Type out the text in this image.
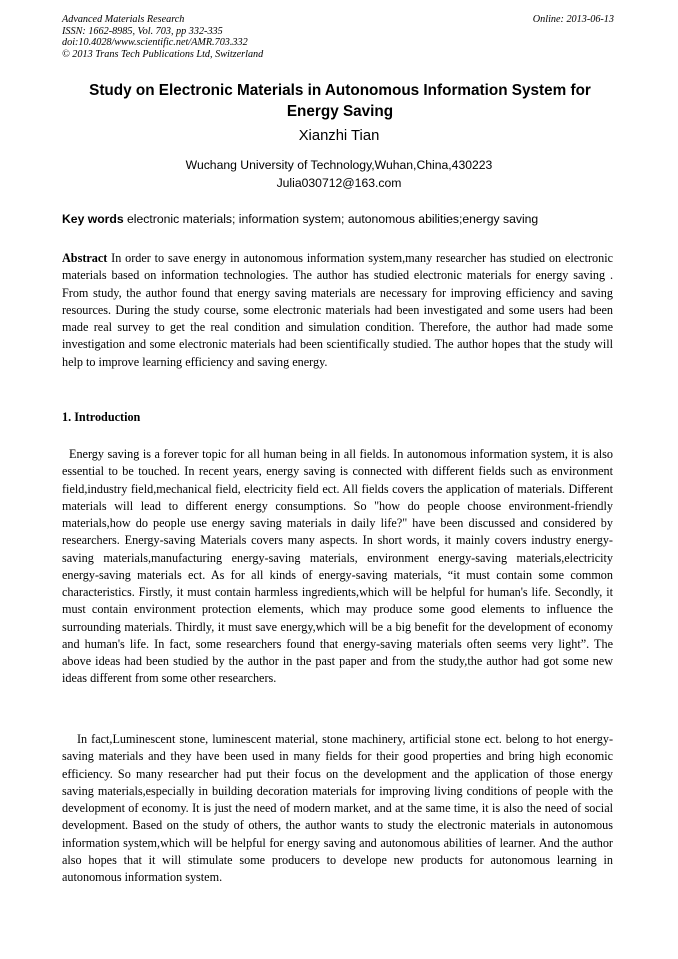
Advanced Materials Research
ISSN: 1662-8985, Vol. 703, pp 332-335
doi:10.4028/www.scientific.net/AMR.703.332
© 2013 Trans Tech Publications Ltd, Switzerland
Online: 2013-06-13
Study on Electronic Materials in Autonomous Information System for Energy Saving
Xianzhi Tian
Wuchang University of Technology,Wuhan,China,430223
Julia030712@163.com
Key words electronic materials; information system; autonomous abilities;energy saving
Abstract In order to save energy in autonomous information system,many researcher has studied on electronic materials based on information technologies. The author has studied electronic materials for energy saving . From study, the author found that energy saving materials are necessary for improving efficiency and saving resources. During the study course, some electronic materials had been investigated and some users had been made real survey to get the real condition and simulation condition. Therefore, the author had made some investigation and some electronic materials had been scientifically studied. The author hopes that the study will help to improve learning efficiency and saving energy.
1. Introduction
Energy saving is a forever topic for all human being in all fields. In autonomous information system, it is also essential to be touched. In recent years, energy saving is connected with different fields such as environment field,industry field,mechanical field, electricity field ect. All fields covers the application of materials. Different materials will lead to different energy consumptions. So "how do people choose environment-friendly materials,how do people use energy saving materials in daily life?" have been discussed and considered by researchers. Energy-saving Materials covers many aspects. In short words, it mainly covers industry energy-saving materials,manufacturing energy-saving materials, environment energy-saving materials,electricity energy-saving materials ect. As for all kinds of energy-saving materials, “it must contain some common characteristics. Firstly, it must contain harmless ingredients,which will be helpful for human's life. Secondly, it must contain environment protection elements, which may produce some good elements to influence the surrounding materials. Thirdly, it must save energy,which will be a big benefit for the development of economy and human's life. In fact, some researchers found that energy-saving materials often seems very light”. The above ideas had been studied by the author in the past paper and from the study,the author had got some new ideas different from some other researchers.
In fact,Luminescent stone, luminescent material, stone machinery, artificial stone ect. belong to hot energy-saving materials and they have been used in many fields for their good properties and bring high economic efficiency. So many researcher had put their focus on the development and the application of those energy saving materials,especially in building decoration materials for improving living conditions of people with the development of economy. It is just the need of modern market, and at the same time, it is also the need of social development. Based on the study of others, the author wants to study the electronic materials in autonomous information system,which will be helpful for energy saving and autonomous abilities of learner. And the author also hopes that it will stimulate some producers to develope new products for autonomous learning in autonomous information system.
